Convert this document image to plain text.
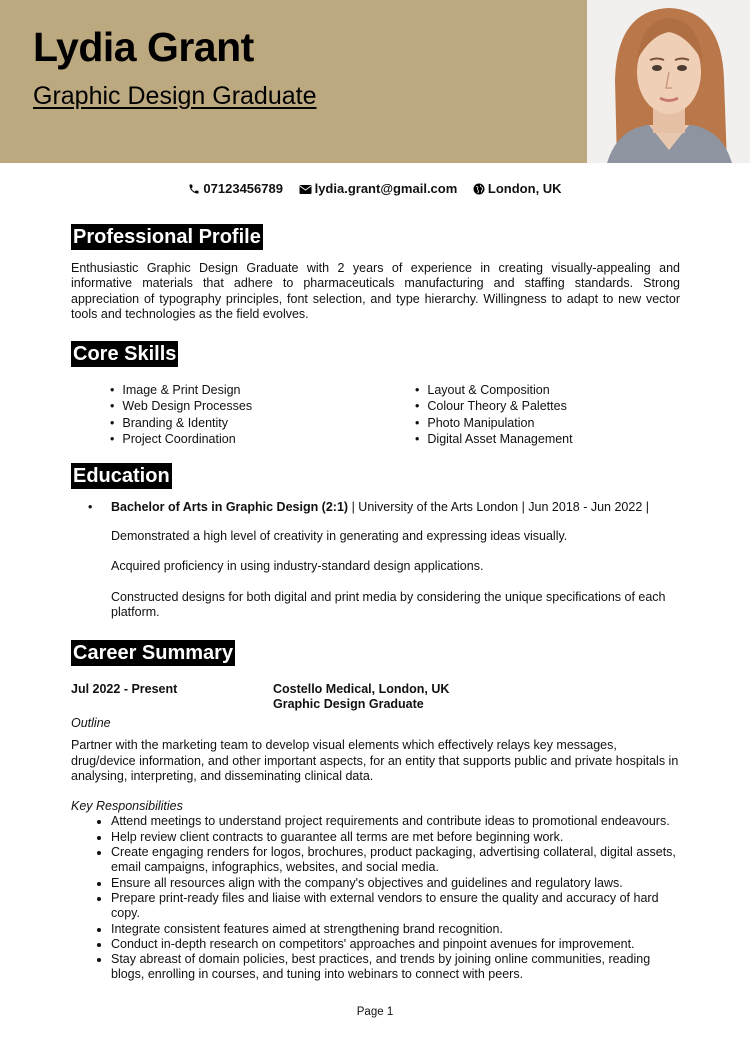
Lydia Grant
Graphic Design Graduate
07123456789 lydia.grant@gmail.com London, UK
Professional Profile
Enthusiastic Graphic Design Graduate with 2 years of experience in creating visually-appealing and informative materials that adhere to pharmaceuticals manufacturing and staffing standards. Strong appreciation of typography principles, font selection, and type hierarchy. Willingness to adapt to new vector tools and technologies as the field evolves.
Core Skills
• Image & Print Design
• Web Design Processes
• Branding & Identity
• Project Coordination
• Layout & Composition
• Colour Theory & Palettes
• Photo Manipulation
• Digital Asset Management
Education
• Bachelor of Arts in Graphic Design (2:1) | University of the Arts London | Jun 2018 - Jun 2022 |
Demonstrated a high level of creativity in generating and expressing ideas visually.
Acquired proficiency in using industry-standard design applications.
Constructed designs for both digital and print media by considering the unique specifications of each platform.
Career Summary
Jul 2022 - Present	Costello Medical, London, UK
Graphic Design Graduate
Outline
Partner with the marketing team to develop visual elements which effectively relays key messages, drug/device information, and other important aspects, for an entity that supports public and private hospitals in analysing, interpreting, and disseminating clinical data.
Key Responsibilities
• Attend meetings to understand project requirements and contribute ideas to promotional endeavours.
• Help review client contracts to guarantee all terms are met before beginning work.
• Create engaging renders for logos, brochures, product packaging, advertising collateral, digital assets, email campaigns, infographics, websites, and social media.
• Ensure all resources align with the company's objectives and guidelines and regulatory laws.
• Prepare print-ready files and liaise with external vendors to ensure the quality and accuracy of hard copy.
• Integrate consistent features aimed at strengthening brand recognition.
• Conduct in-depth research on competitors' approaches and pinpoint avenues for improvement.
• Stay abreast of domain policies, best practices, and trends by joining online communities, reading blogs, enrolling in courses, and tuning into webinars to connect with peers.
Page 1
